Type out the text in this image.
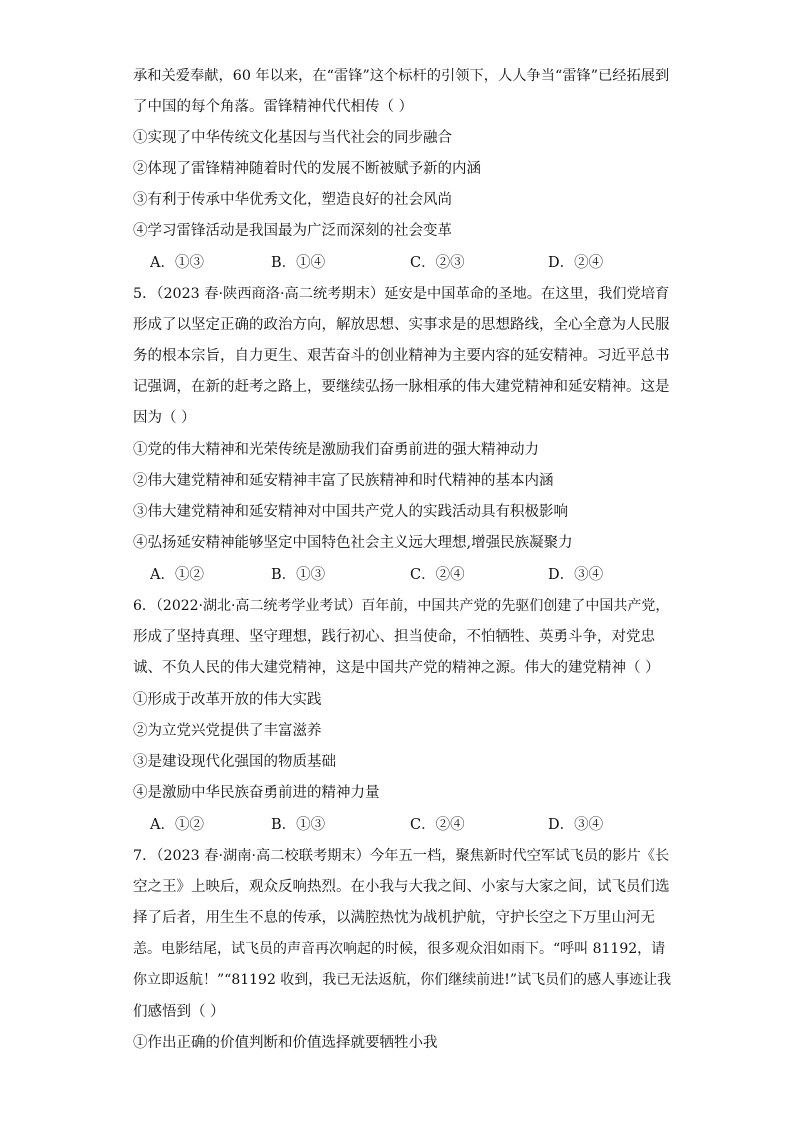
承和关爱奉献，60 年以来，在“雷锋”这个标杆的引领下，人人争当“雷锋”已经拓展到
了中国的每个角落。雷锋精神代代相传（ ）
①实现了中华传统文化基因与当代社会的同步融合
②体现了雷锋精神随着时代的发展不断被赋予新的内涵
③有利于传承中华优秀文化，塑造良好的社会风尚
④学习雷锋活动是我国最为广泛而深刻的社会变革
A．①③	B．①④	C．②③	D．②④
5．（2023 春·陕西商洛·高二统考期末）延安是中国革命的圣地。在这里，我们党培育
形成了以坚定正确的政治方向，解放思想、实事求是的思想路线，全心全意为人民服
务的根本宗旨，自力更生、艰苦奋斗的创业精神为主要内容的延安精神。习近平总书
记强调，在新的赶考之路上，要继续弘扬一脉相承的伟大建党精神和延安精神。这是
因为（ ）
①党的伟大精神和光荣传统是激励我们奋勇前进的强大精神动力
②伟大建党精神和延安精神丰富了民族精神和时代精神的基本内涵
③伟大建党精神和延安精神对中国共产党人的实践活动具有积极影响
④弘扬延安精神能够坚定中国特色社会主义远大理想,增强民族凝聚力
A．①②	B．①③	C．②④	D．③④
6．（2022·湖北·高二统考学业考试）百年前，中国共产党的先驱们创建了中国共产党，
形成了坚持真理、坚守理想，践行初心、担当使命，不怕牺牲、英勇斗争，对党忠
诚、不负人民的伟大建党精神，这是中国共产党的精神之源。伟大的建党精神（ ）
①形成于改革开放的伟大实践
②为立党兴党提供了丰富滋养
③是建设现代化强国的物质基础
④是激励中华民族奋勇前进的精神力量
A．①②	B．①③	C．②④	D．③④
7．（2023 春·湖南·高二校联考期末）今年五一档，聚焦新时代空军试飞员的影片《长
空之王》上映后，观众反响热烈。在小我与大我之间、小家与大家之间，试飞员们选
择了后者，用生生不息的传承，以满腔热忱为战机护航，守护长空之下万里山河无
恙。电影结尾，试飞员的声音再次响起的时候，很多观众泪如雨下。“呼叫 81192，请
你立即返航！”“81192 收到，我已无法返航，你们继续前进!”试飞员们的感人事迹让我
们感悟到（ ）
①作出正确的价值判断和价值选择就要牺牲小我
